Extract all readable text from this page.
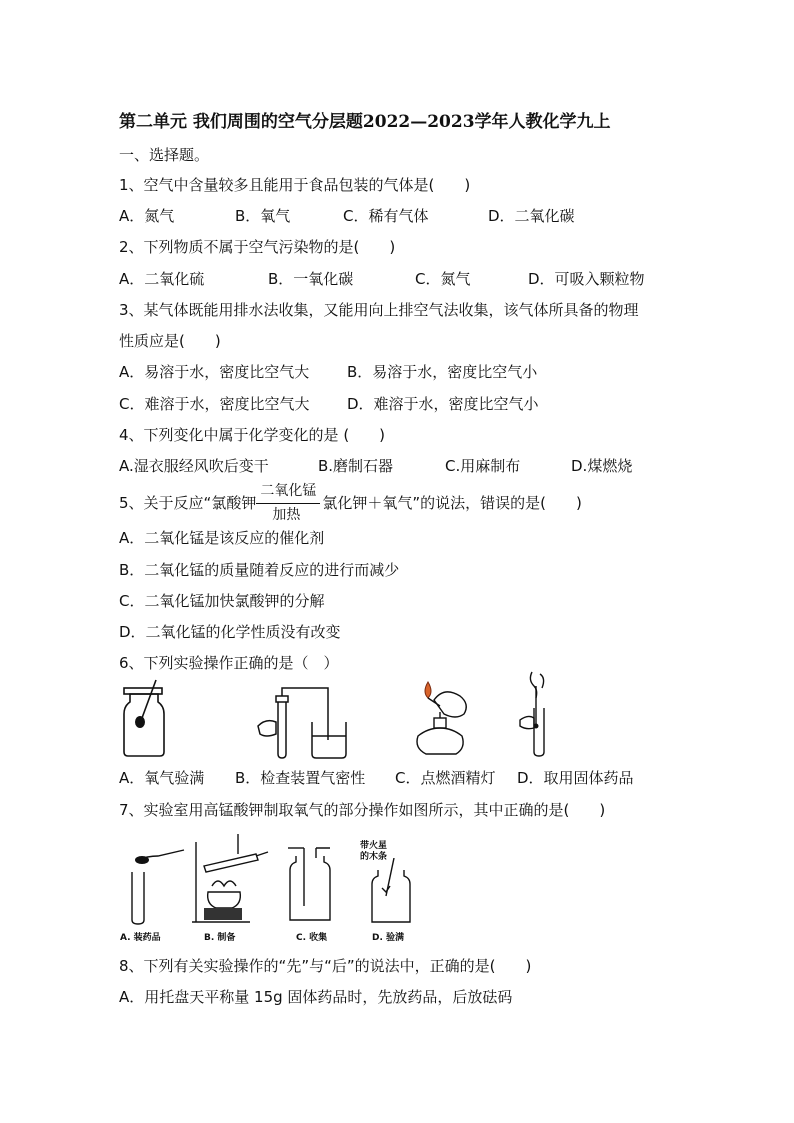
第二单元 我们周围的空气分层题2022—2023学年人教化学九上
一、选择题。
1、空气中含量较多且能用于食品包装的气体是(　　)
A．氮气	B．氧气	C．稀有气体	D．二氧化碳
2、下列物质不属于空气污染物的是(　　)
A．二氧化硫	B．一氧化碳	C．氮气	D．可吸入颗粒物
3、某气体既能用排水法收集，又能用向上排空气法收集，该气体所具备的物理
性质应是(　　)
A．易溶于水，密度比空气大	B．易溶于水，密度比空气小
C．难溶于水，密度比空气大	D．难溶于水，密度比空气小
4、下列变化中属于化学变化的是 (　　)
A.湿衣服经风吹后变干	B.磨制石器	C.用麻制布	D.煤燃烧
5、关于反应“氯酸钾
二氧化锰
加热
氯化钾＋氧气”的说法，错误的是(　　)
A．二氧化锰是该反应的催化剂
B．二氧化锰的质量随着反应的进行而减少
C．二氧化锰加快氯酸钾的分解
D．二氧化锰的化学性质没有改变
6、下列实验操作正确的是（　）
A．氧气验满 B．检查装置气密性 C．点燃酒精灯 D．取用固体药品
7、实验室用高锰酸钾制取氧气的部分操作如图所示，其中正确的是(　　)
带火星
的木条
A. 装药品	B. 制备	C. 收集	D. 验满
8、下列有关实验操作的“先”与“后”的说法中，正确的是(　　)
A．用托盘天平称量 15g 固体药品时，先放药品，后放砝码
